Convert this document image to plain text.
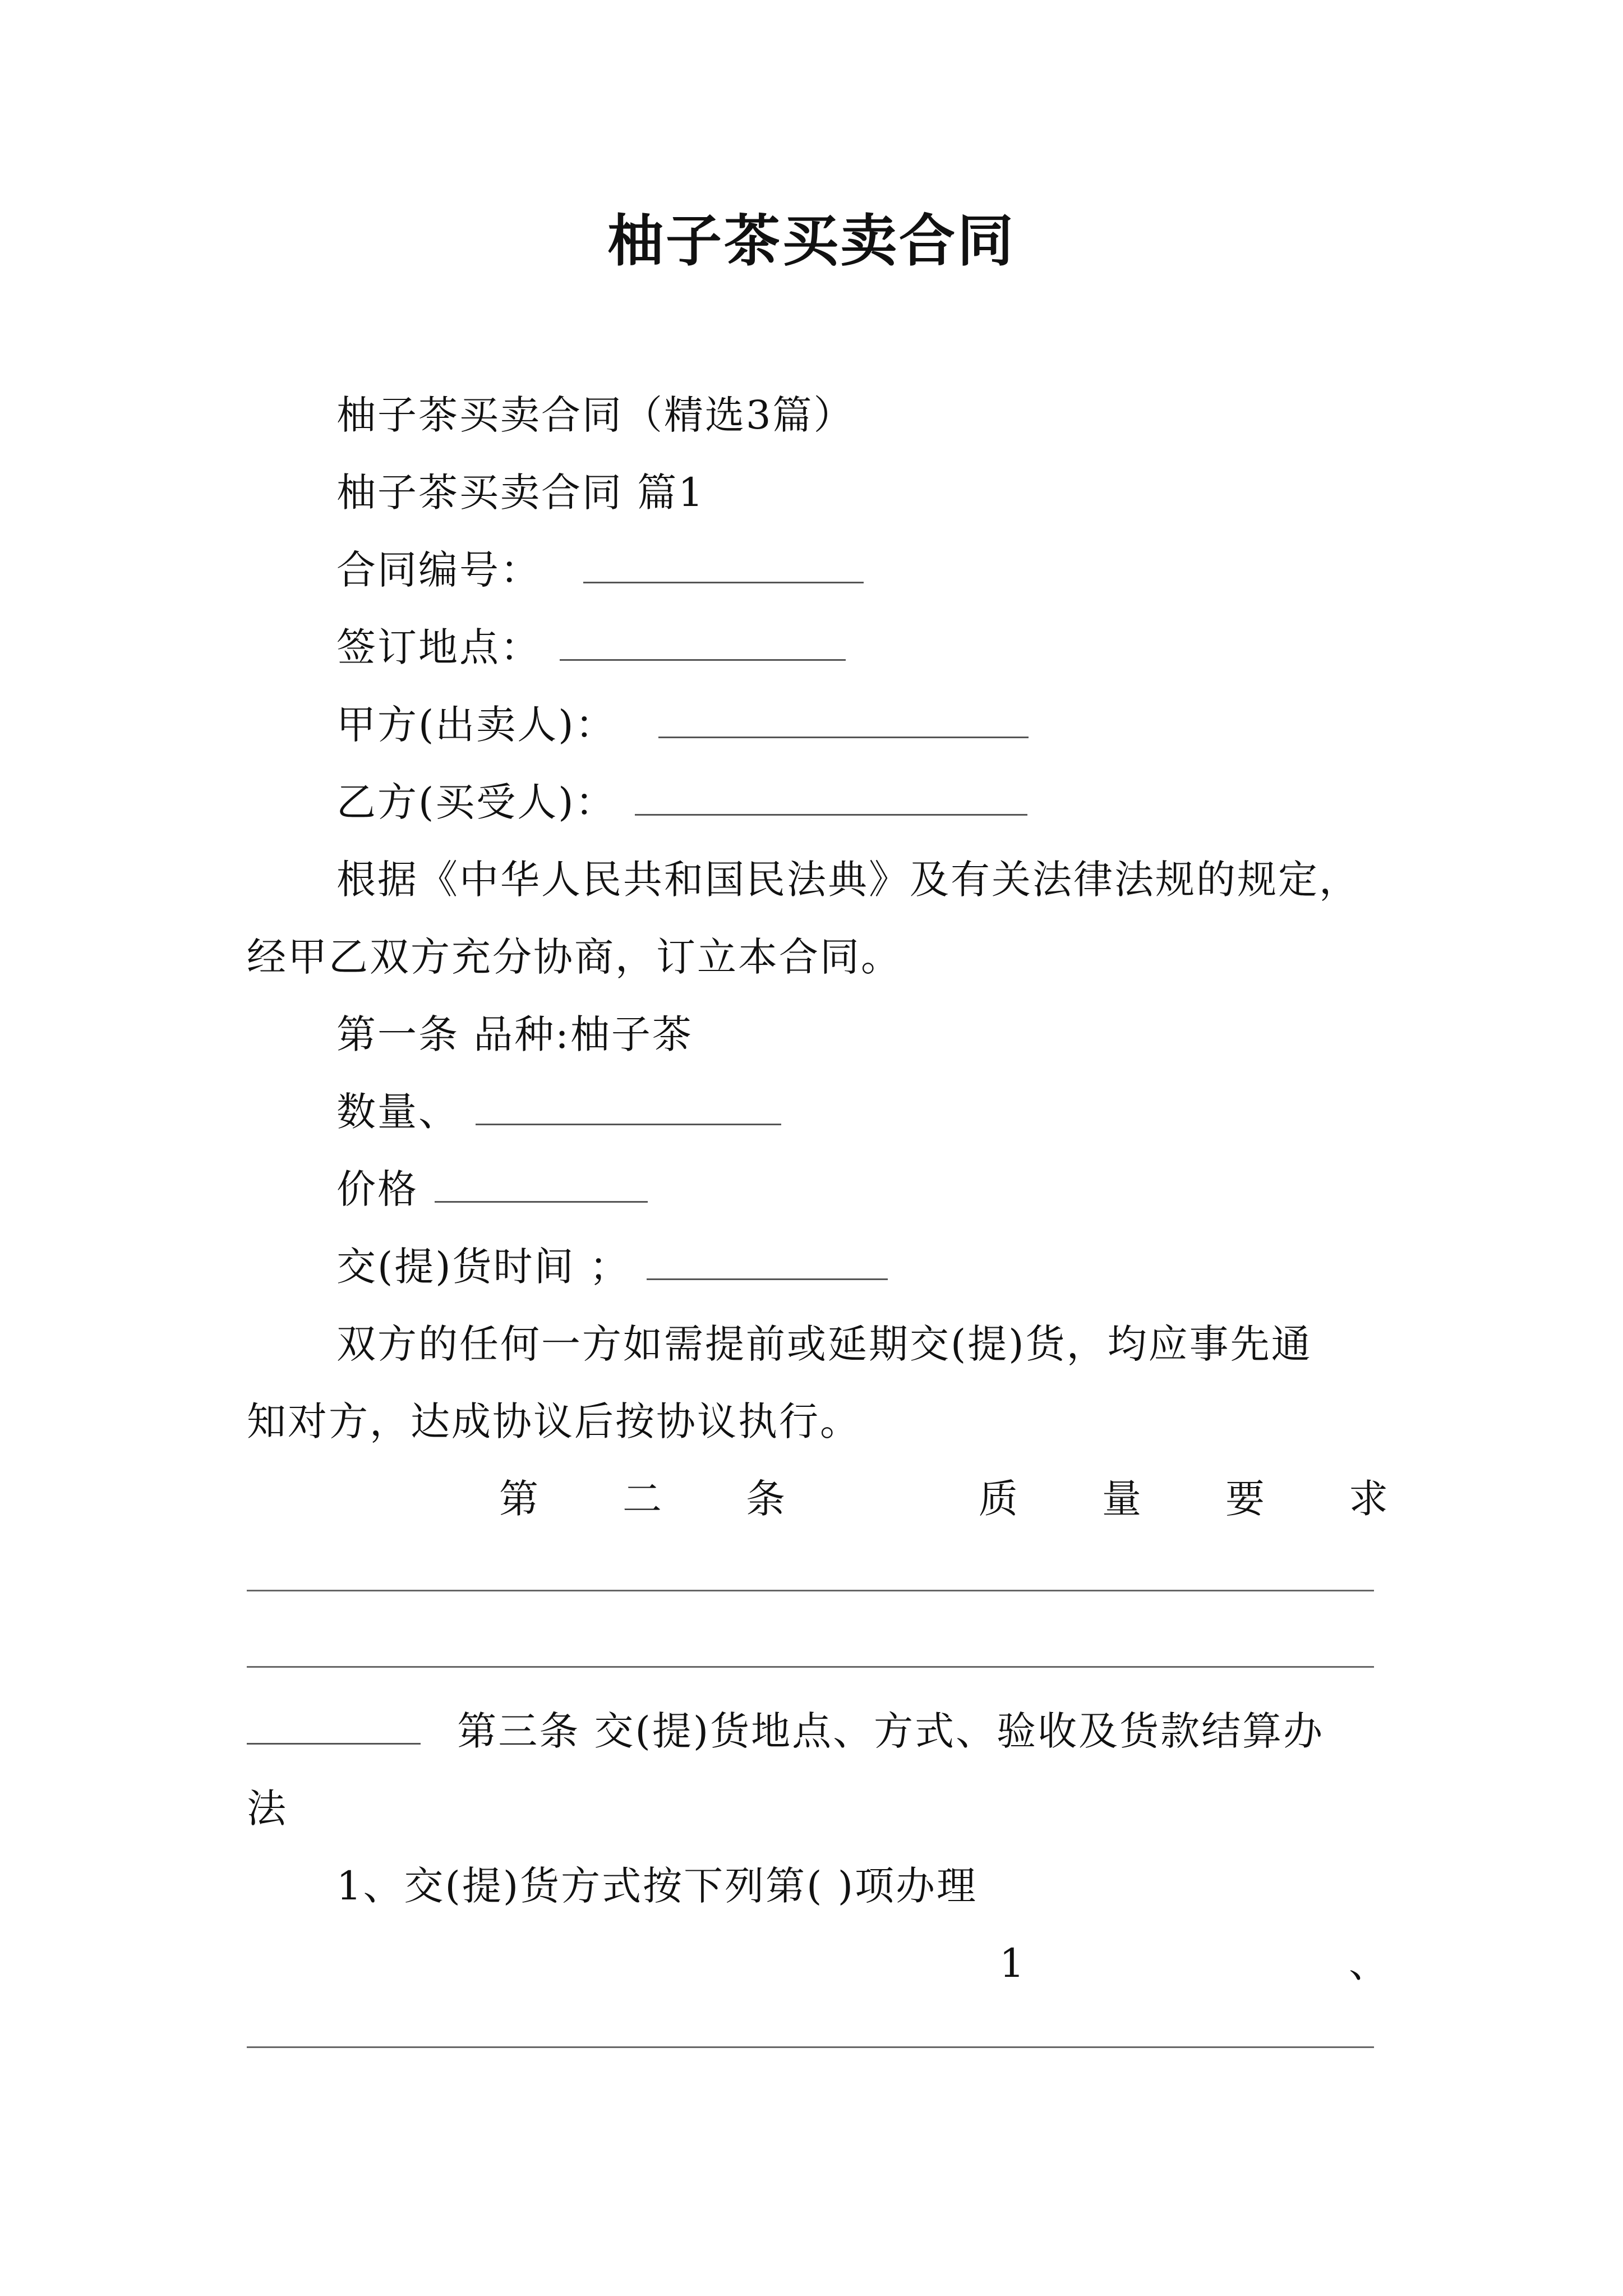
柚子茶买卖合同
柚子茶买卖合同（精选3篇）
柚子茶买卖合同 篇1
合同编号：
签订地点：
甲方(出卖人)：
乙方(买受人)：
根据《中华人民共和国民法典》及有关法律法规的规定，
经甲乙双方充分协商，订立本合同。
第一条 品种:柚子茶
数量、
价格
交(提)货时间 ；
双方的任何一方如需提前或延期交(提)货，均应事先通
知对方，达成协议后按协议执行。
第 二 条	质 量 要 求
第三条 交(提)货地点、方式、验收及货款结算办
法
1、交(提)货方式按下列第( )项办理
1	、
